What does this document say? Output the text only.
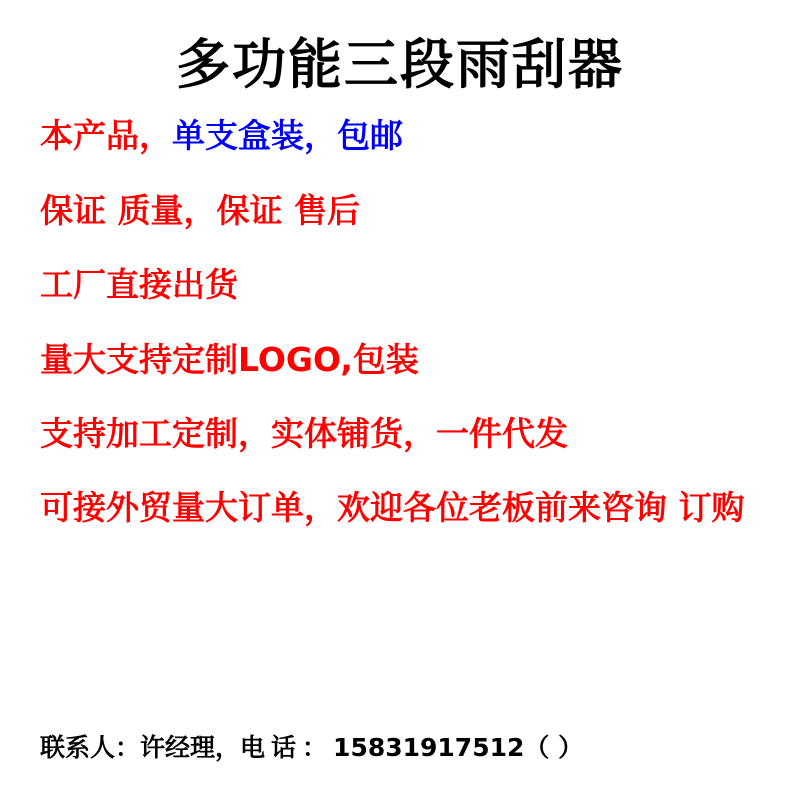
多功能三段雨刮器
本产品，单支盒装，包邮
保证 质量，保证 售后
工厂直接出货
量大支持定制LOGO,包装
支持加工定制，实体铺货，一件代发
可接外贸量大订单，欢迎各位老板前来咨询 订购
联系人：许经理，电话：15831917512（ ）
